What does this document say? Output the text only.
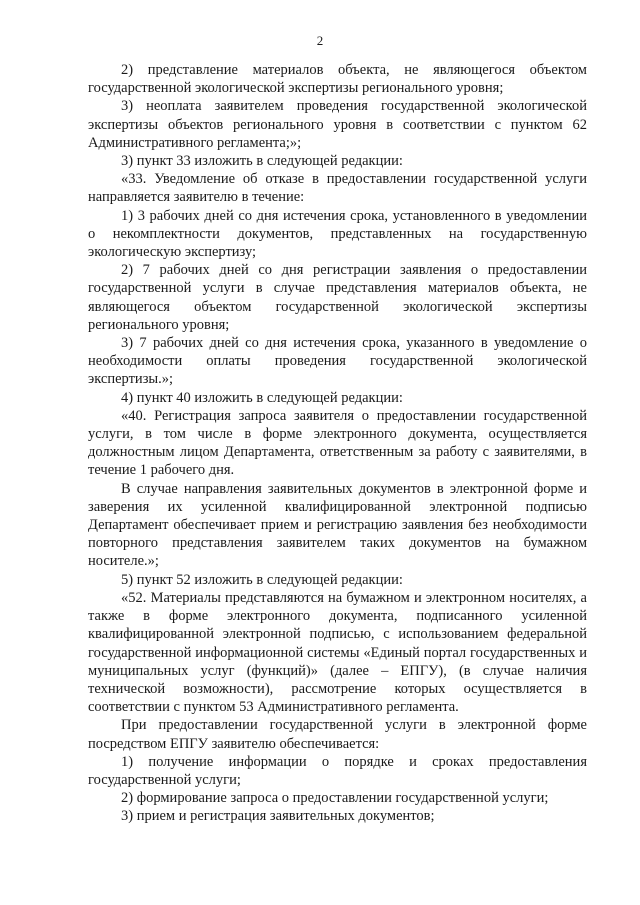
2

2) представление материалов объекта, не являющегося объектом государственной экологической экспертизы регионального уровня;

3) неоплата заявителем проведения государственной экологической экспертизы объектов регионального уровня в соответствии с пунктом 62 Административного регламента;»;

3) пункт 33 изложить в следующей редакции:

«33. Уведомление об отказе в предоставлении государственной услуги направляется заявителю в течение:

1) 3 рабочих дней со дня истечения срока, установленного в уведомлении о некомплектности документов, представленных на государственную экологическую экспертизу;

2) 7 рабочих дней со дня регистрации заявления о предоставлении государственной услуги в случае представления материалов объекта, не являющегося объектом государственной экологической экспертизы регионального уровня;

3) 7 рабочих дней со дня истечения срока, указанного в уведомление о необходимости оплаты проведения государственной экологической экспертизы.»;

4) пункт 40 изложить в следующей редакции:

«40. Регистрация запроса заявителя о предоставлении государственной услуги, в том числе в форме электронного документа, осуществляется должностным лицом Департамента, ответственным за работу с заявителями, в течение 1 рабочего дня.

В случае направления заявительных документов в электронной форме и заверения их усиленной квалифицированной электронной подписью Департамент обеспечивает прием и регистрацию заявления без необходимости повторного представления заявителем таких документов на бумажном носителе.»;

5) пункт 52 изложить в следующей редакции:

«52. Материалы представляются на бумажном и электронном носителях, а также в форме электронного документа, подписанного усиленной квалифицированной электронной подписью, с использованием федеральной государственной информационной системы «Единый портал государственных и муниципальных услуг (функций)» (далее – ЕПГУ), (в случае наличия технической возможности), рассмотрение которых осуществляется в соответствии с пунктом 53 Административного регламента.

При предоставлении государственной услуги в электронной форме посредством ЕПГУ заявителю обеспечивается:

1) получение информации о порядке и сроках предоставления государственной услуги;

2) формирование запроса о предоставлении государственной услуги;

3) прием и регистрация заявительных документов;
